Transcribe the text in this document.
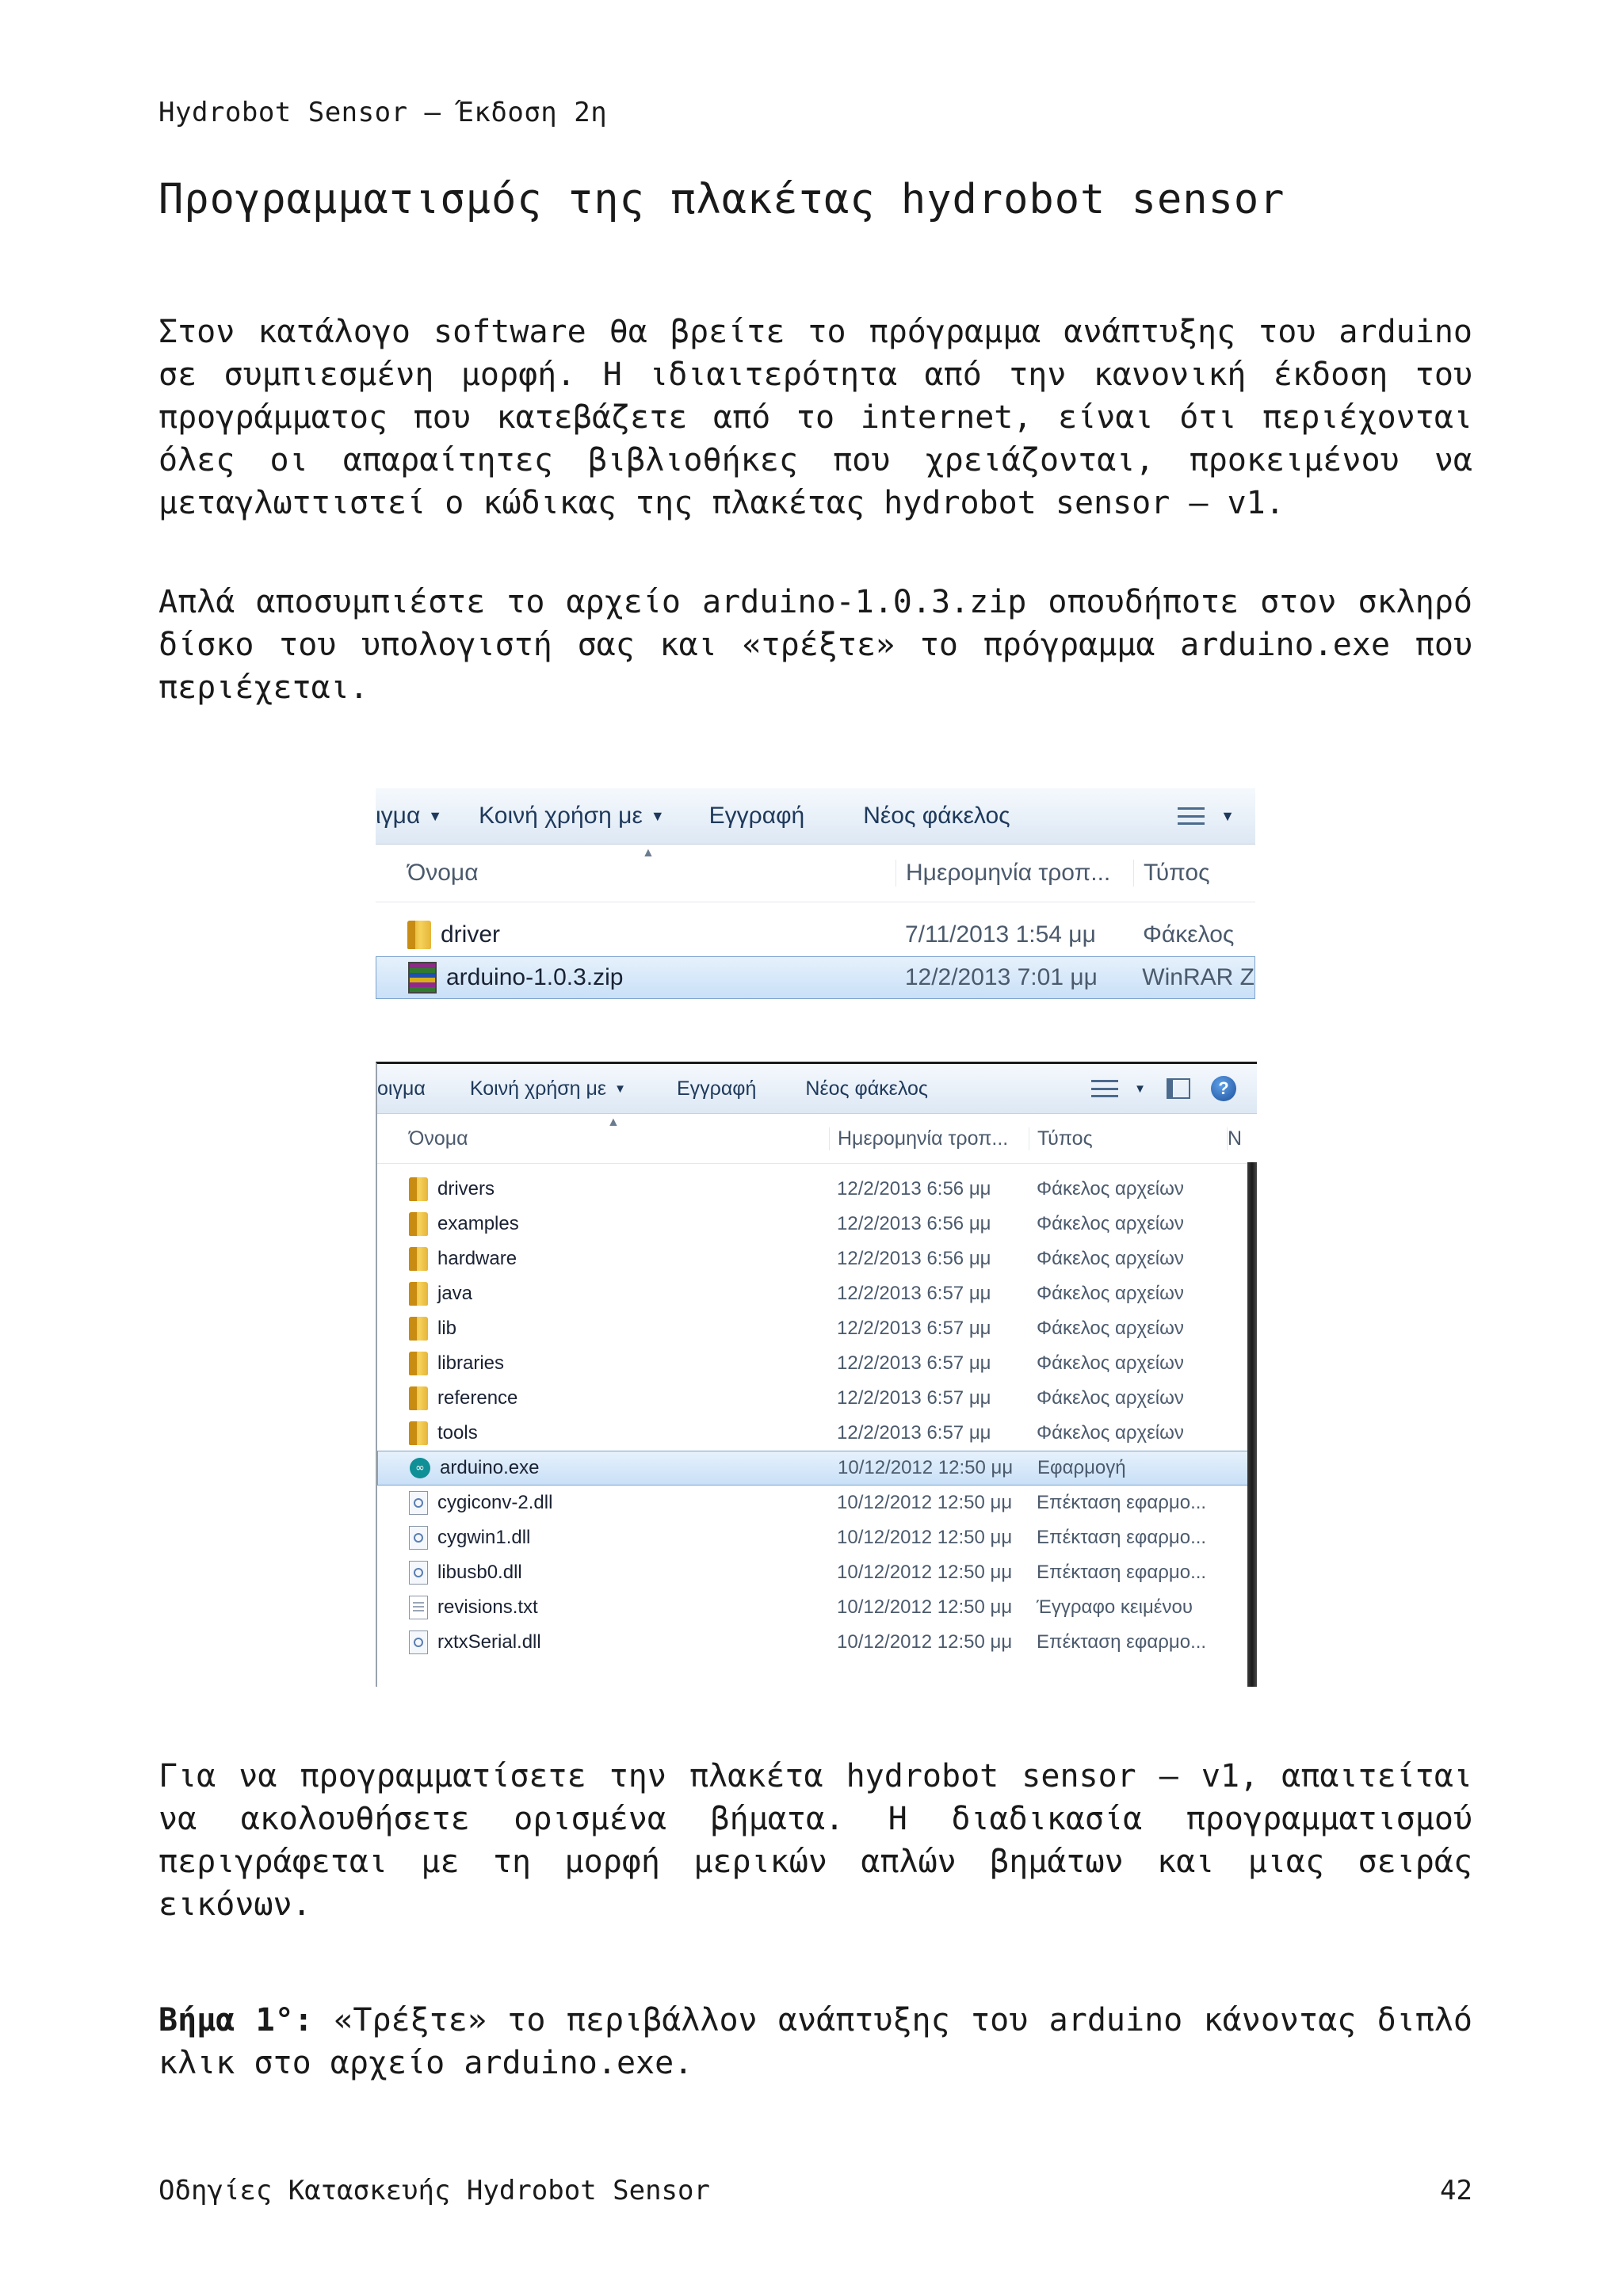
Hydrobot Sensor – Έκδοση 2η
Προγραμματισμός της πλακέτας hydrobot sensor

Στον κατάλογο software θα βρείτε το πρόγραμμα ανάπτυξης του arduino σε συμπιεσμένη μορφή. Η ιδιαιτερότητα από την κανονική έκδοση του προγράμματος που κατεβάζετε από το internet, είναι ότι περιέχονται όλες οι απαραίτητες βιβλιοθήκες που χρειάζονται, προκειμένου να μεταγλωττιστεί ο κώδικας της πλακέτας hydrobot sensor – v1.

Απλά αποσυμπιέστε το αρχείο arduino-1.0.3.zip οπουδήποτε στον σκληρό δίσκο του υπολογιστή σας και «τρέξτε» το πρόγραμμα arduino.exe που περιέχεται.

ιγμα ▼ Κοινή χρήση με ▼	Εγγραφή	Νέος φάκελος	▼
▲
Όνομα	Ημερομηνία τροπ...	Τύπος
driver	7/11/2013 1:54 μμ	Φάκελος
arduino-1.0.3.zip	12/2/2013 7:01 μμ	WinRAR Z
οιγμα Κοινή χρήση με ▼	Εγγραφή	Νέος φάκελος	▼	?
▲
Όνομα	Ημερομηνία τροπ...	Τύπος	Ν
drivers	12/2/2013 6:56 μμ	Φάκελος αρχείων
examples	12/2/2013 6:56 μμ	Φάκελος αρχείων
hardware	12/2/2013 6:56 μμ	Φάκελος αρχείων
java	12/2/2013 6:57 μμ	Φάκελος αρχείων
lib	12/2/2013 6:57 μμ	Φάκελος αρχείων
libraries	12/2/2013 6:57 μμ	Φάκελος αρχείων
reference	12/2/2013 6:57 μμ	Φάκελος αρχείων
tools	12/2/2013 6:57 μμ	Φάκελος αρχείων
∞ arduino.exe	10/12/2012 12:50 μμ	Εφαρμογή
cygiconv-2.dll	10/12/2012 12:50 μμ	Επέκταση εφαρμο...
cygwin1.dll	10/12/2012 12:50 μμ	Επέκταση εφαρμο...
libusb0.dll	10/12/2012 12:50 μμ	Επέκταση εφαρμο...
revisions.txt	10/12/2012 12:50 μμ	Έγγραφο κειμένου
rxtxSerial.dll	10/12/2012 12:50 μμ	Επέκταση εφαρμο...

Για να προγραμματίσετε την πλακέτα hydrobot sensor – v1, απαιτείται να ακολουθήσετε ορισμένα βήματα. Η διαδικασία προγραμματισμού περιγράφεται με τη μορφή μερικών απλών βημάτων και μιας σειράς εικόνων.

Βήμα 1°: «Τρέξτε» το περιβάλλον ανάπτυξης του arduino κάνοντας διπλό κλικ στο αρχείο arduino.exe.

Οδηγίες Κατασκευής Hydrobot Sensor	42
